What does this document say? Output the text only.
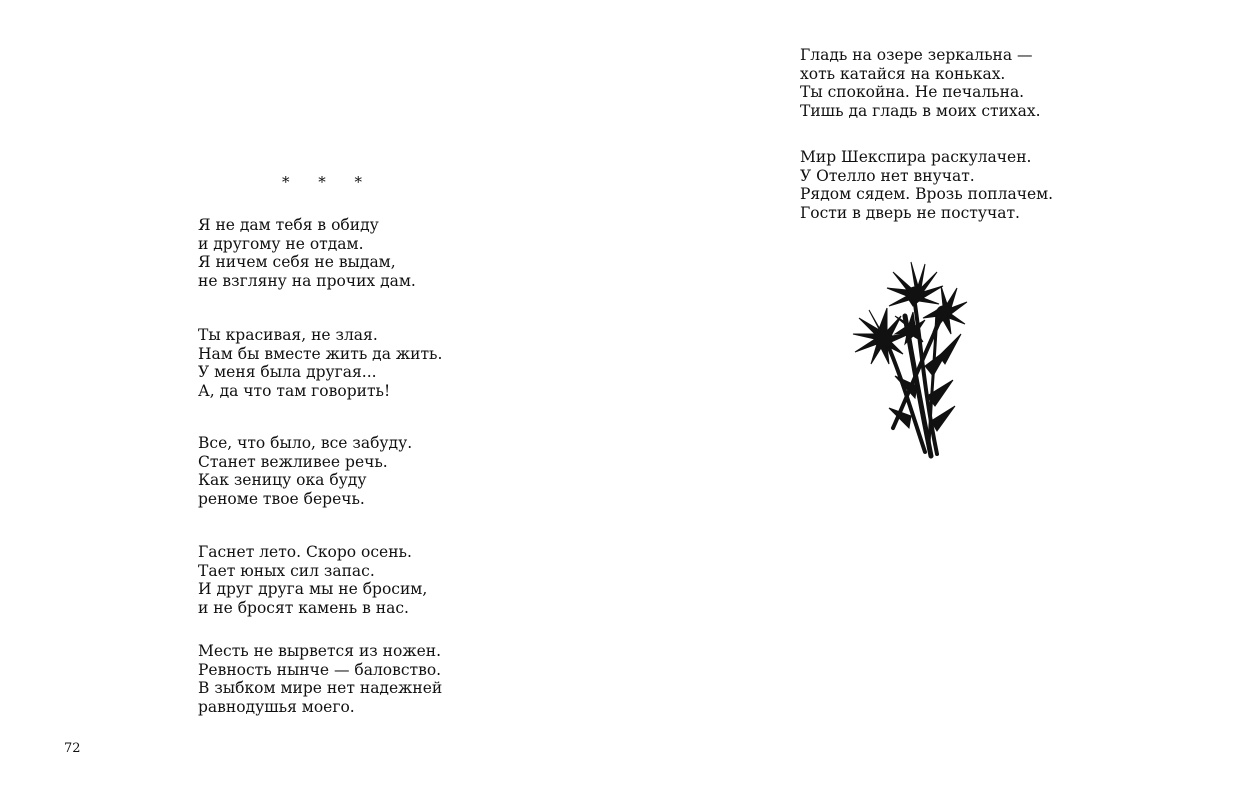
* * *

Я не дам тебя в обиду
и другому не отдам.
Я ничем себя не выдам,
не взгляну на прочих дам.

Ты красивая, не злая.
Нам бы вместе жить да жить.
У меня была другая...
А, да что там говорить!

Все, что было, все забуду.
Станет вежливее речь.
Как зеницу ока буду
реноме твое беречь.

Гаснет лето. Скоро осень.
Тает юных сил запас.
И друг друга мы не бросим,
и не бросят камень в нас.

Месть не вырвется из ножен.
Ревность нынче — баловство.
В зыбком мире нет надежней
равнодушья моего.

72

Гладь на озере зеркальна —
хоть катайся на коньках.
Ты спокойна. Не печальна.
Тишь да гладь в моих стихах.

Мир Шекспира раскулачен.
У Отелло нет внучат.
Рядом сядем. Врозь поплачем.
Гости в дверь не постучат.
